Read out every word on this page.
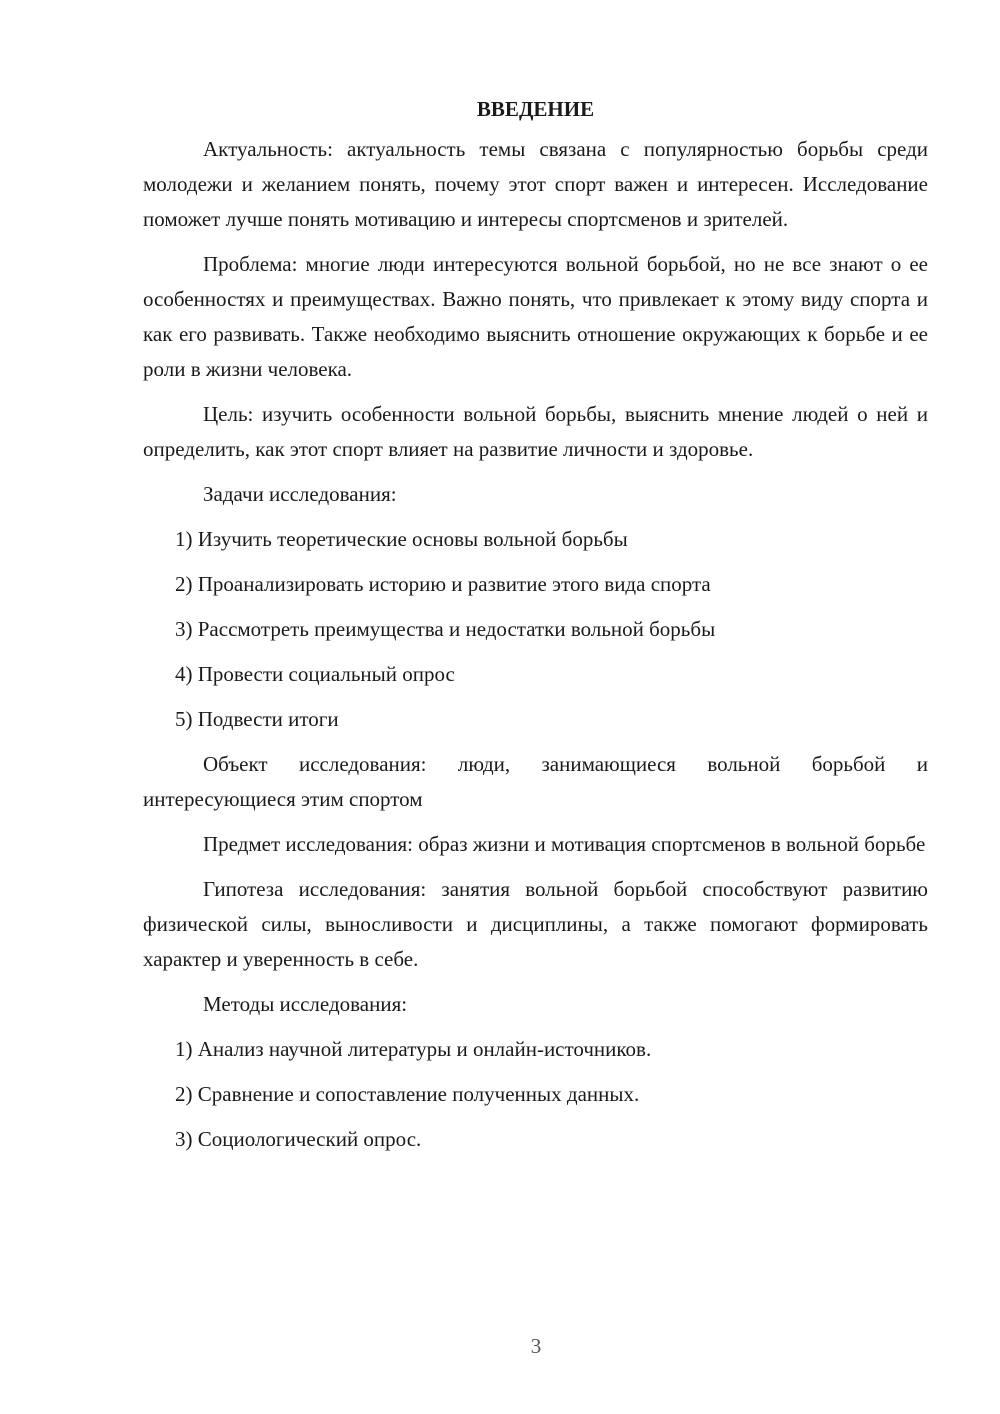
ВВЕДЕНИЕ

Актуальность: актуальность темы связана с популярностью борьбы среди молодежи и желанием понять, почему этот спорт важен и интересен. Исследование поможет лучше понять мотивацию и интересы спортсменов и зрителей.

Проблема: многие люди интересуются вольной борьбой, но не все знают о ее особенностях и преимуществах. Важно понять, что привлекает к этому виду спорта и как его развивать. Также необходимо выяснить отношение окружающих к борьбе и ее роли в жизни человека.

Цель: изучить особенности вольной борьбы, выяснить мнение людей о ней и определить, как этот спорт влияет на развитие личности и здоровье.

Задачи исследования:
1) Изучить теоретические основы вольной борьбы
2) Проанализировать историю и развитие этого вида спорта
3) Рассмотреть преимущества и недостатки вольной борьбы
4) Провести социальный опрос
5) Подвести итоги

Объект исследования: люди, занимающиеся вольной борьбой и интересующиеся этим спортом

Предмет исследования: образ жизни и мотивация спортсменов в вольной борьбе

Гипотеза исследования: занятия вольной борьбой способствуют развитию физической силы, выносливости и дисциплины, а также помогают формировать характер и уверенность в себе.

Методы исследования:
1) Анализ научной литературы и онлайн-источников.
2) Сравнение и сопоставление полученных данных.
3) Социологический опрос.
3
